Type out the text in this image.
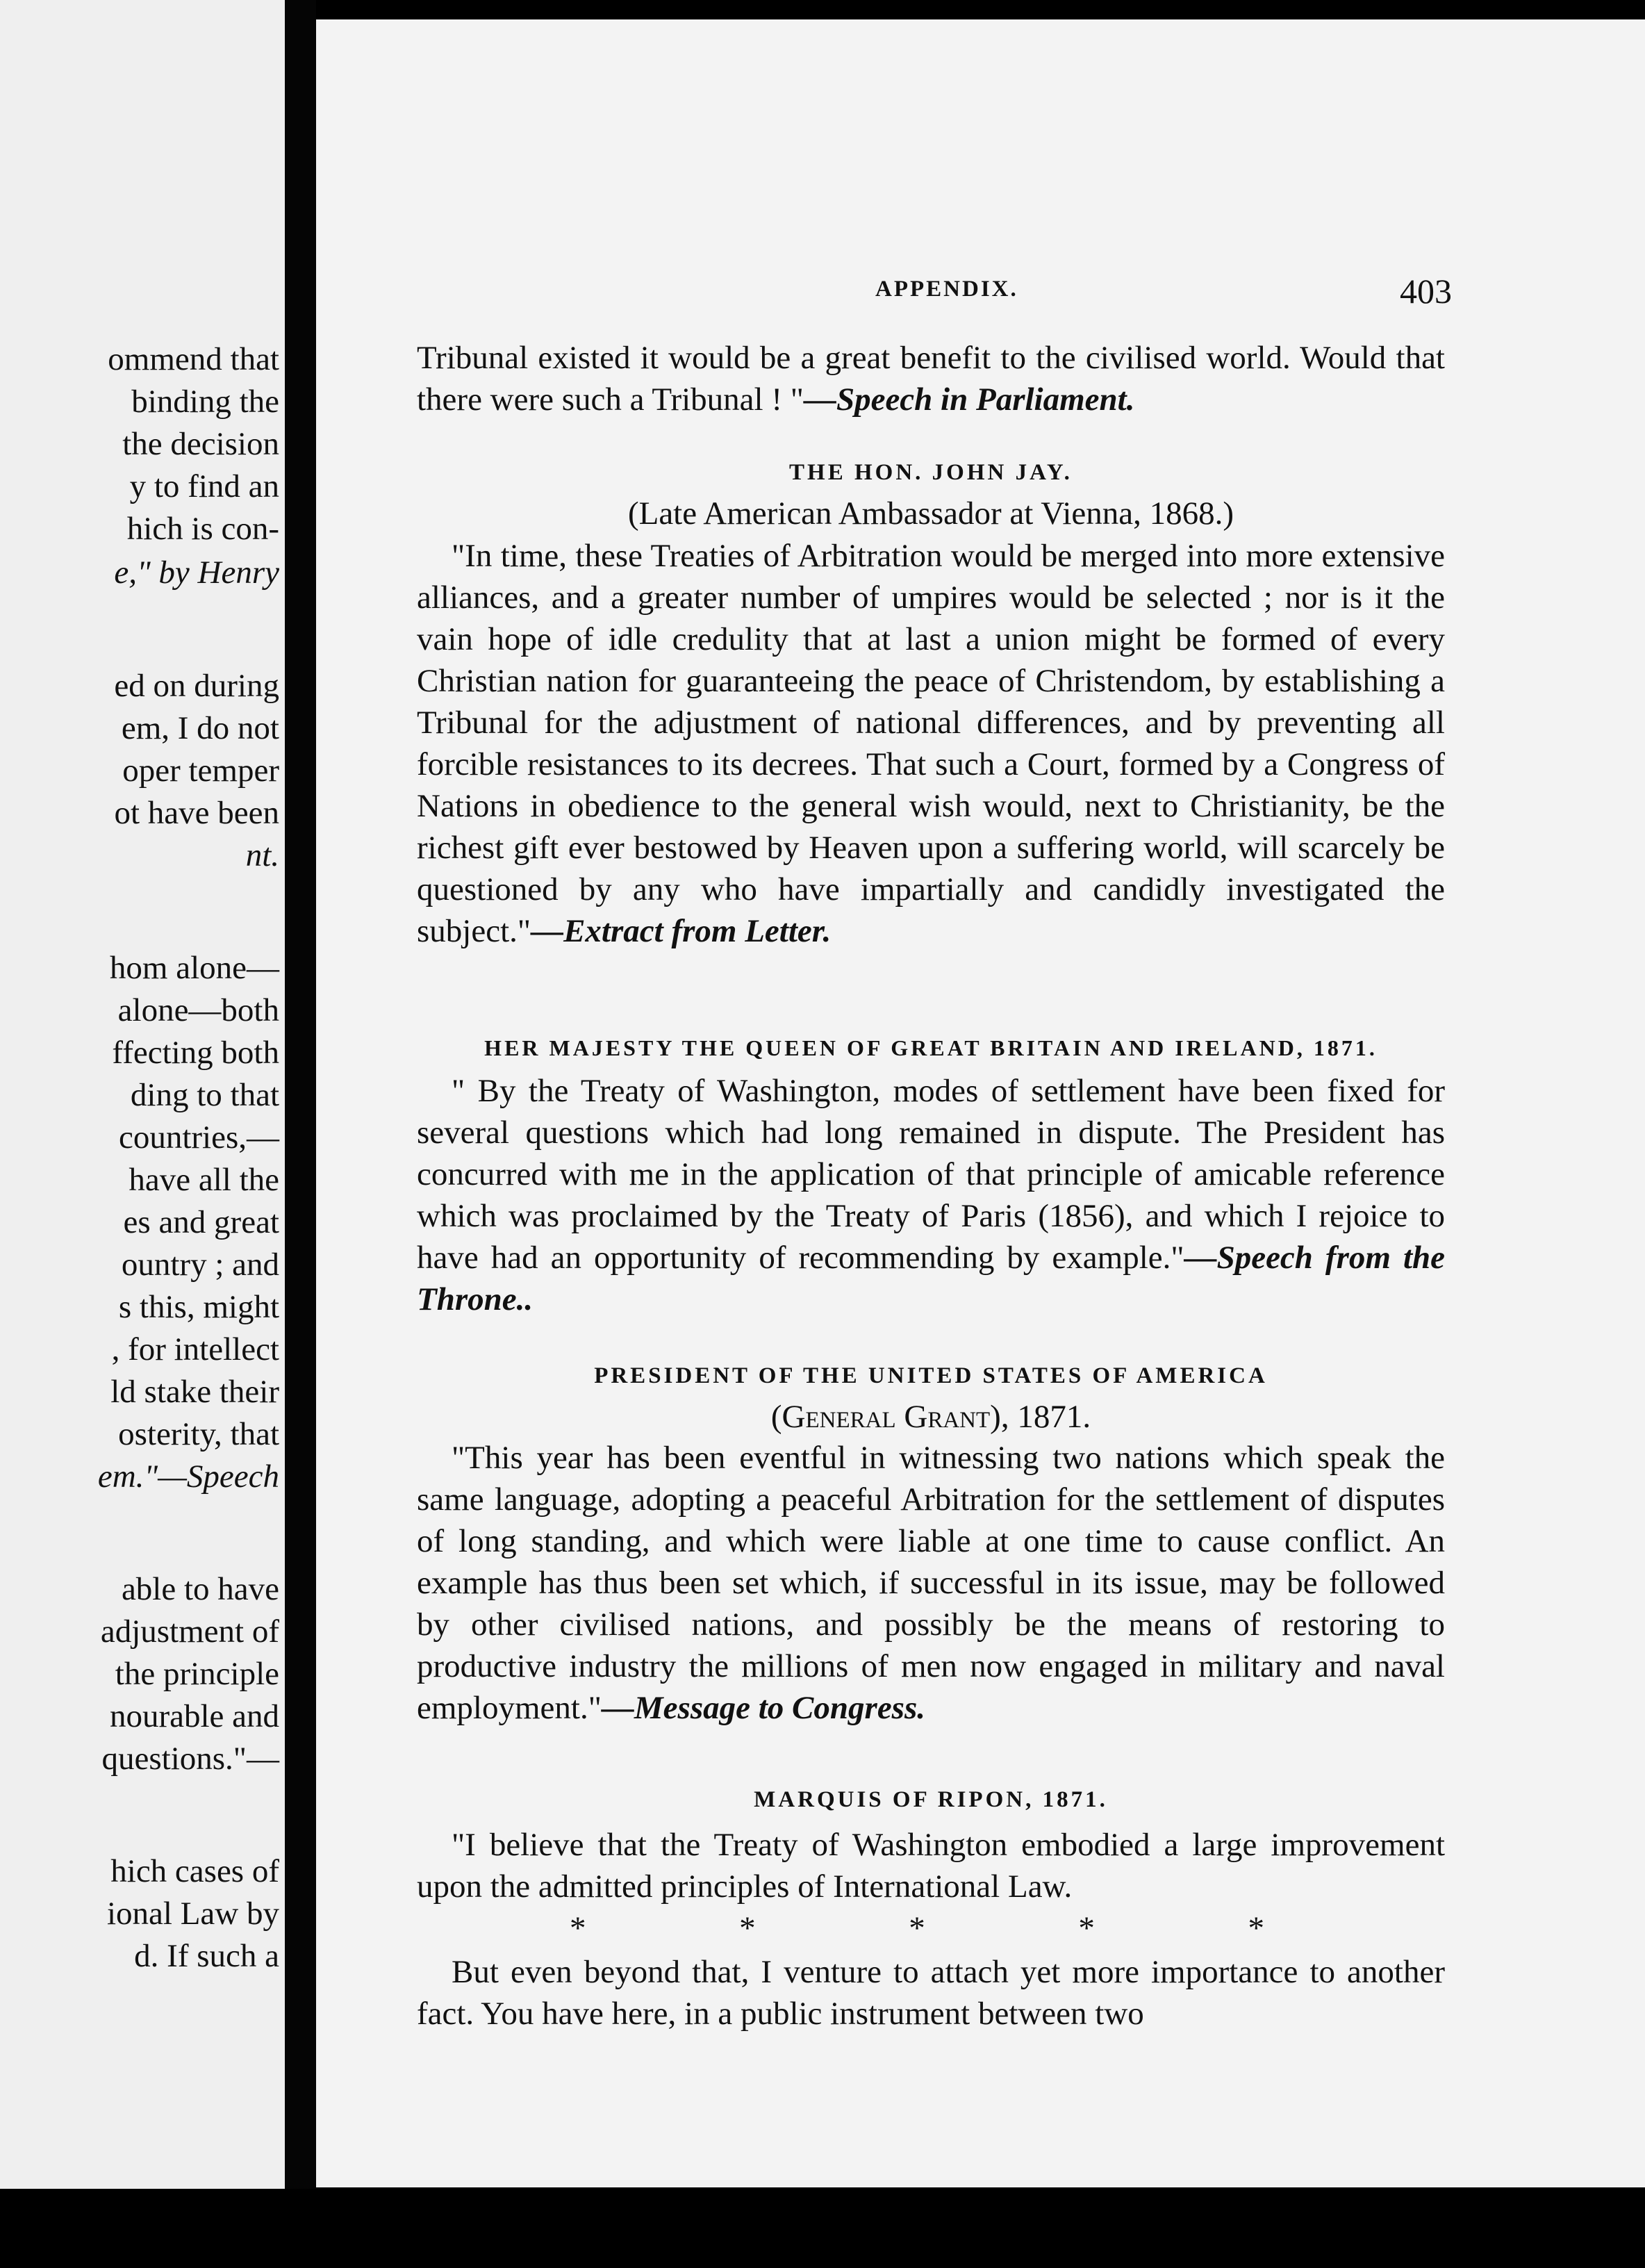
ommend that
binding the
the decision
y to find an
hich is con-
e," by Henry
ed on during
em, I do not
oper temper
ot have been
nt.
hom alone—
alone—both
ffecting both
ding to that
countries,—
have all the
es and great
ountry ; and
s this, might
, for intellect
ld stake their
osterity, that
em."—Speech
able to have
adjustment of
the principle
nourable and
questions."—
hich cases of
ional Law by
d. If such a
APPENDIX.	403
Tribunal existed it would be a great benefit to the civilised world. Would that there were such a Tribunal ! "—Speech in Parliament.
THE HON. JOHN JAY.
(Late American Ambassador at Vienna, 1868.)
"In time, these Treaties of Arbitration would be merged into more extensive alliances, and a greater number of umpires would be selected ; nor is it the vain hope of idle credulity that at last a union might be formed of every Christian nation for guaranteeing the peace of Christendom, by establishing a Tribunal for the adjustment of national differences, and by preventing all forcible resistances to its decrees. That such a Court, formed by a Congress of Nations in obedience to the general wish would, next to Christianity, be the richest gift ever bestowed by Heaven upon a suffering world, will scarcely be questioned by any who have impartially and candidly investigated the subject."—Extract from Letter.
HER MAJESTY THE QUEEN OF GREAT BRITAIN AND IRELAND, 1871.
" By the Treaty of Washington, modes of settlement have been fixed for several questions which had long remained in dispute. The President has concurred with me in the application of that principle of amicable reference which was proclaimed by the Treaty of Paris (1856), and which I rejoice to have had an opportunity of recommending by example."—Speech from the Throne..
PRESIDENT OF THE UNITED STATES OF AMERICA
(General Grant), 1871.
"This year has been eventful in witnessing two nations which speak the same language, adopting a peaceful Arbitration for the settlement of disputes of long standing, and which were liable at one time to cause conflict. An example has thus been set which, if successful in its issue, may be followed by other civilised nations, and possibly be the means of restoring to productive industry the millions of men now engaged in military and naval employment."—Message to Congress.
MARQUIS OF RIPON, 1871.
"I believe that the Treaty of Washington embodied a large improvement upon the admitted principles of International Law.
*	*	*	*	*
But even beyond that, I venture to attach yet more importance to another fact. You have here, in a public instrument between two
